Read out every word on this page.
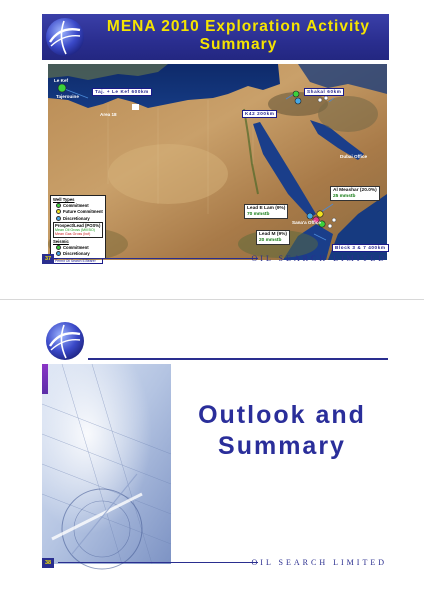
MENA 2010 Exploration Activity Summary
Le Kef
Tajerouine
Taj. + Le Kef 600km
Area 18
Shakal 60km
K42 200km
Dubai Office
Sana'a Office
Al Meashar (20.0%)
25 mmstb
Lead E Lam (9%)
70 mmstb
Lead M (9%)
20 mmstb
Block 3 & 7 400km
Well Types
Commitment
Future Commitment
Discretionary
Prospect/Lead (POS%)
Mean Oil Gross (Mill BO)
Mean Gas Gross (bcf)
Seismic
Commitment
Discretionary
Permit Oil Search 5-Bearer
37	OIL SEARCH LIMITED
Outlook and
Summary
38	OIL SEARCH LIMITED
